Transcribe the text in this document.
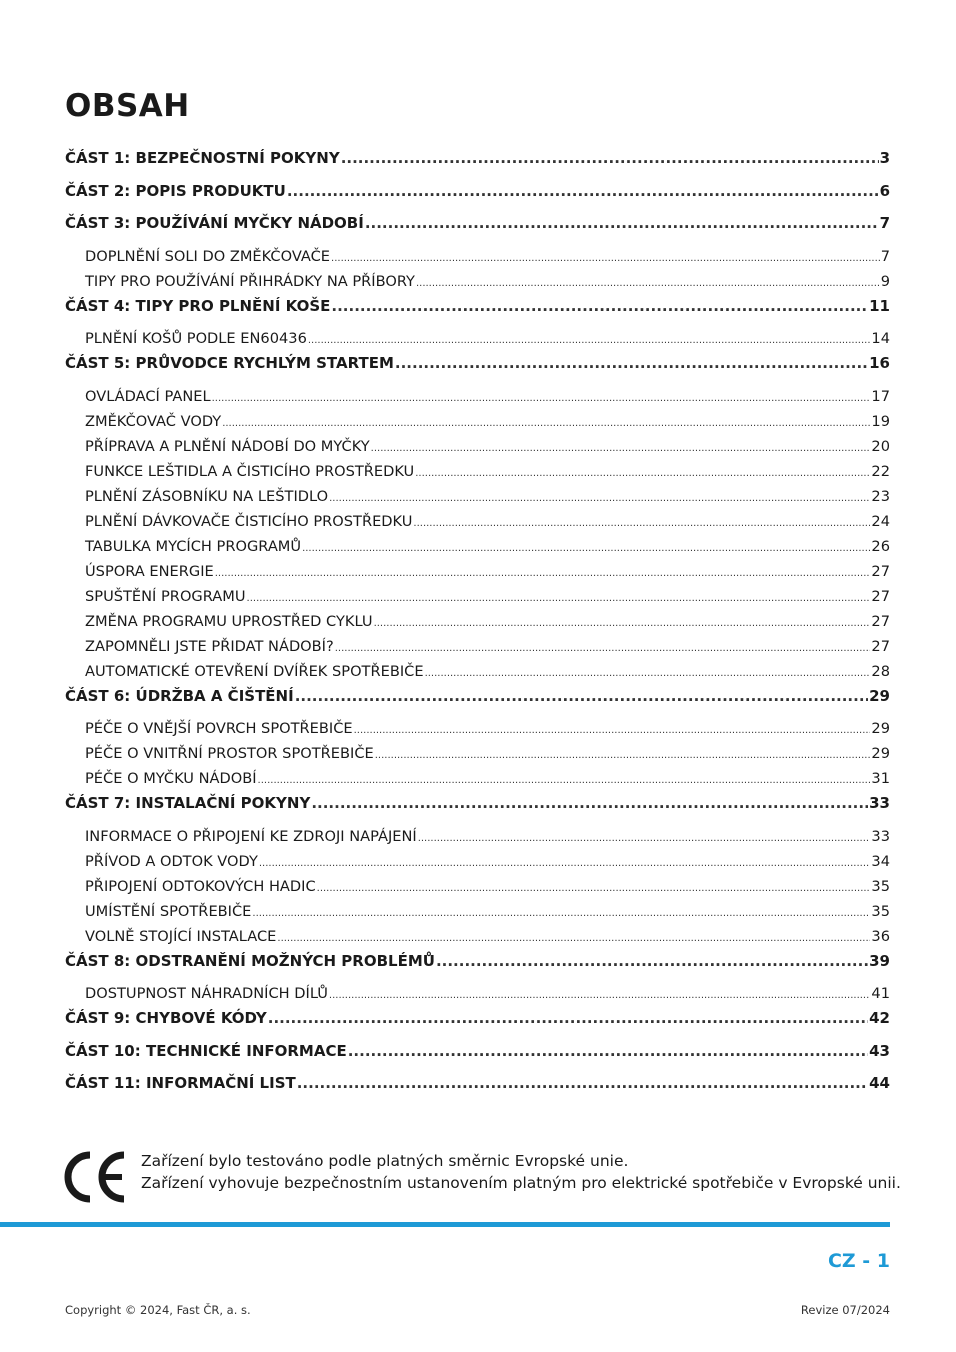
OBSAH
ČÁST 1: BEZPEČNOSTNÍ POKYNY .....	3
ČÁST 2: POPIS PRODUKTU .....	6
ČÁST 3: POUŽÍVÁNÍ MYČKY NÁDOBÍ .....	7
DOPLNĚNÍ SOLI DO ZMĚKČOVAČE .....	7
TIPY PRO POUŽÍVÁNÍ PŘIHRÁDKY NA PŘÍBORY .....	9
ČÁST 4: TIPY PRO PLNĚNÍ KOŠE .....	11
PLNĚNÍ KOŠŮ PODLE EN60436 .....	14
ČÁST 5: PRŮVODCE RYCHLÝM STARTEM .....	16
OVLÁDACÍ PANEL .....	17
ZMĚKČOVAČ VODY .....	19
PŘÍPRAVA A PLNĚNÍ NÁDOBÍ DO MYČKY .....	20
FUNKCE LEŠTIDLA A ČISTICÍHO PROSTŘEDKU .....	22
PLNĚNÍ ZÁSOBNÍKU NA LEŠTIDLO .....	23
PLNĚNÍ DÁVKOVAČE ČISTICÍHO PROSTŘEDKU .....	24
TABULKA MYCÍCH PROGRAMŮ .....	26
ÚSPORA ENERGIE .....	27
SPUŠTĚNÍ PROGRAMU .....	27
ZMĚNA PROGRAMU UPROSTŘED CYKLU .....	27
ZAPOMNĚLI JSTE PŘIDAT NÁDOBÍ? .....	27
AUTOMATICKÉ OTEVŘENÍ DVÍŘEK SPOTŘEBIČE .....	28
ČÁST 6: ÚDRŽBA A ČIŠTĚNÍ .....	29
PÉČE O VNĚJŠÍ POVRCH SPOTŘEBIČE .....	29
PÉČE O VNITŘNÍ PROSTOR SPOTŘEBIČE .....	29
PÉČE O MYČKU NÁDOBÍ .....	31
ČÁST 7: INSTALAČNÍ POKYNY .....	33
INFORMACE O PŘIPOJENÍ KE ZDROJI NAPÁJENÍ .....	33
PŘÍVOD A ODTOK VODY .....	34
PŘIPOJENÍ ODTOKOVÝCH HADIC .....	35
UMÍSTĚNÍ SPOTŘEBIČE .....	35
VOLNĚ STOJÍCÍ INSTALACE .....	36
ČÁST 8: ODSTRANĚNÍ MOŽNÝCH PROBLÉMŮ .....	39
DOSTUPNOST NÁHRADNÍCH DÍLŮ .....	41
ČÁST 9: CHYBOVÉ KÓDY .....	42
ČÁST 10: TECHNICKÉ INFORMACE .....	43
ČÁST 11: INFORMAČNÍ LIST .....	44
Zařízení bylo testováno podle platných směrnic Evropské unie.
Zařízení vyhovuje bezpečnostním ustanovením platným pro elektrické spotřebiče v Evropské unii.
CZ - 1
Copyright © 2024, Fast ČR, a. s.	Revize 07/2024
